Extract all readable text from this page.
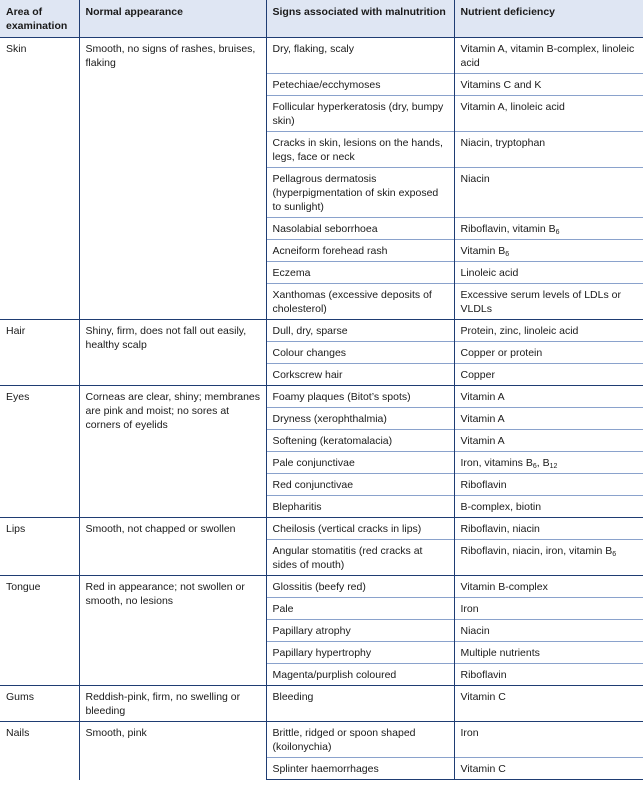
Area of examination	Normal appearance	Signs associated with malnutrition	Nutrient deficiency
Skin	Smooth, no signs of rashes, bruises, flaking	Dry, flaking, scaly	Vitamin A, vitamin B-complex, linoleic acid
		Petechiae/ecchymoses	Vitamins C and K
		Follicular hyperkeratosis (dry, bumpy skin)	Vitamin A, linoleic acid
		Cracks in skin, lesions on the hands, legs, face or neck	Niacin, tryptophan
		Pellagrous dermatosis (hyperpigmentation of skin exposed to sunlight)	Niacin
		Nasolabial seborrhoea	Riboflavin, vitamin $B_6$
		Acneiform forehead rash	Vitamin $B_6$
		Eczema	Linoleic acid
		Xanthomas (excessive deposits of cholesterol)	Excessive serum levels of LDLs or VLDLs
Hair	Shiny, firm, does not fall out easily, healthy scalp	Dull, dry, sparse	Protein, zinc, linoleic acid
		Colour changes	Copper or protein
		Corkscrew hair	Copper
Eyes	Corneas are clear, shiny; membranes are pink and moist; no sores at corners of eyelids	Foamy plaques (Bitot’s spots)	Vitamin A
		Dryness (xerophthalmia)	Vitamin A
		Softening (keratomalacia)	Vitamin A
		Pale conjunctivae	Iron, vitamins $B_6$, $B_{12}$
		Red conjunctivae	Riboflavin
		Blepharitis	B-complex, biotin
Lips	Smooth, not chapped or swollen	Cheilosis (vertical cracks in lips)	Riboflavin, niacin
		Angular stomatitis (red cracks at sides of mouth)	Riboflavin, niacin, iron, vitamin $B_6$
Tongue	Red in appearance; not swollen or smooth, no lesions	Glossitis (beefy red)	Vitamin B-complex
		Pale	Iron
		Papillary atrophy	Niacin
		Papillary hypertrophy	Multiple nutrients
		Magenta/purplish coloured	Riboflavin
Gums	Reddish-pink, firm, no swelling or bleeding	Bleeding	Vitamin C
Nails	Smooth, pink	Brittle, ridged or spoon shaped (koilonychia)	Iron
		Splinter haemorrhages	Vitamin C
